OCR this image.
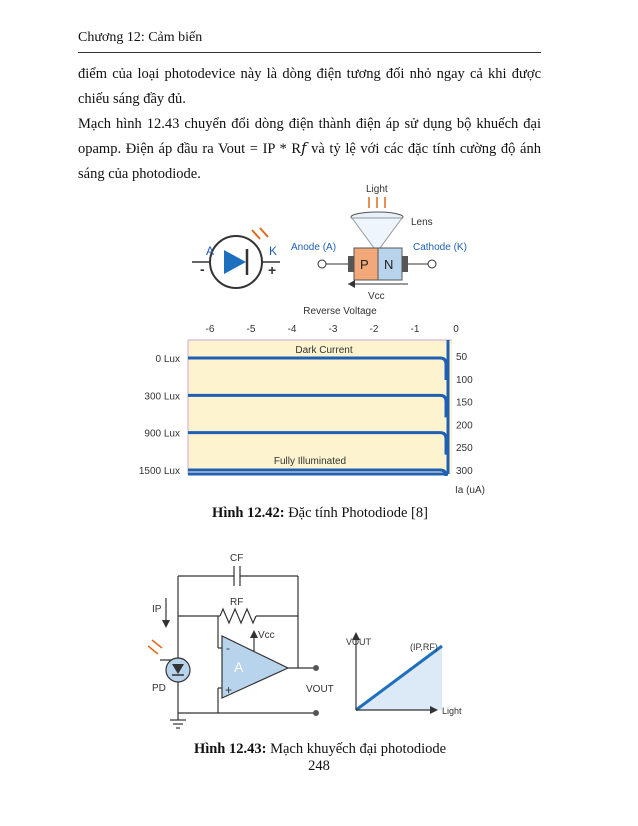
Chương 12: Cảm biến

điểm của loại photodevice này là dòng điện tương đối nhỏ ngay cả khi được chiếu sáng đầy đủ.

Mạch hình 12.43 chuyển đổi dòng điện thành điện áp sử dụng bộ khuếch đại opamp. Điện áp đầu ra Vout = IP * R𝑓 và tỷ lệ với các đặc tính cường độ ánh sáng của photodiode.

A	K
-	+
Light
Lens
Anode (A)	Cathode (K)
P N
Vcc
Reverse Voltage
Dark Current
Fully Illuminated
Ia (uA)
-6	-5	-4	-3	-2	-1	0
50
100
150
200
250
300
0 Lux
300 Lux
900 Lux
1500 Lux
Hình 12.42: Đặc tính Photodiode [8]
CF
RF
Vcc
IP
A
-
+
PD	VOUT
VOUT	(IP,RF)
Light
Hình 12.43: Mạch khuyếch đại photodiode
248
